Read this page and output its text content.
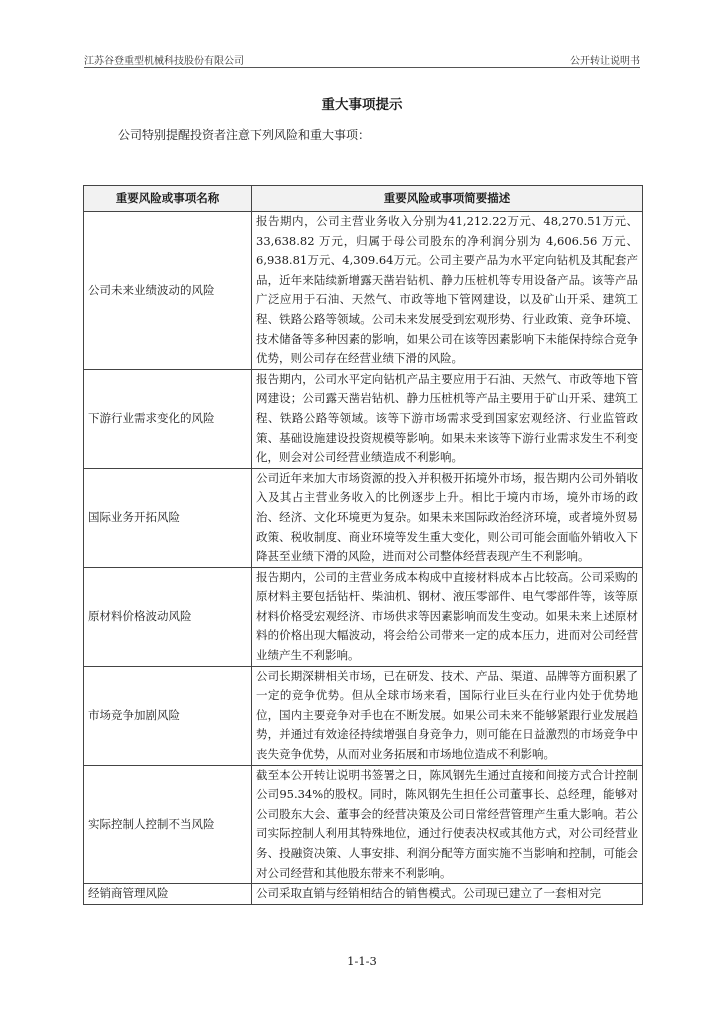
江苏谷登重型机械科技股份有限公司	公开转让说明书
重大事项提示
公司特别提醒投资者注意下列风险和重大事项：
重要风险或事项名称	重要风险或事项简要描述
公司未来业绩波动的风险	报告期内，公司主营业务收入分别为41,212.22万元、48,270.51万元、33,638.82 万元，归属于母公司股东的净利润分别为 4,606.56 万元、6,938.81万元、4,309.64万元。公司主要产品为水平定向钻机及其配套产品，近年来陆续新增露天凿岩钻机、静力压桩机等专用设备产品。该等产品广泛应用于石油、天然气、市政等地下管网建设，以及矿山开采、建筑工程、铁路公路等领域。公司未来发展受到宏观形势、行业政策、竞争环境、技术储备等多种因素的影响，如果公司在该等因素影响下未能保持综合竞争优势，则公司存在经营业绩下滑的风险。
下游行业需求变化的风险	报告期内，公司水平定向钻机产品主要应用于石油、天然气、市政等地下管网建设；公司露天凿岩钻机、静力压桩机等产品主要用于矿山开采、建筑工程、铁路公路等领域。该等下游市场需求受到国家宏观经济、行业监管政策、基础设施建设投资规模等影响。如果未来该等下游行业需求发生不利变化，则会对公司经营业绩造成不利影响。
国际业务开拓风险	公司近年来加大市场资源的投入并积极开拓境外市场，报告期内公司外销收入及其占主营业务收入的比例逐步上升。相比于境内市场，境外市场的政治、经济、文化环境更为复杂。如果未来国际政治经济环境，或者境外贸易政策、税收制度、商业环境等发生重大变化，则公司可能会面临外销收入下降甚至业绩下滑的风险，进而对公司整体经营表现产生不利影响。
原材料价格波动风险	报告期内，公司的主营业务成本构成中直接材料成本占比较高。公司采购的原材料主要包括钻杆、柴油机、钢材、液压零部件、电气零部件等，该等原材料价格受宏观经济、市场供求等因素影响而发生变动。如果未来上述原材料的价格出现大幅波动，将会给公司带来一定的成本压力，进而对公司经营业绩产生不利影响。
市场竞争加剧风险	公司长期深耕相关市场，已在研发、技术、产品、渠道、品牌等方面积累了一定的竞争优势。但从全球市场来看，国际行业巨头在行业内处于优势地位，国内主要竞争对手也在不断发展。如果公司未来不能够紧跟行业发展趋势，并通过有效途径持续增强自身竞争力，则可能在日益激烈的市场竞争中丧失竞争优势，从而对业务拓展和市场地位造成不利影响。
实际控制人控制不当风险	截至本公开转让说明书签署之日，陈风钢先生通过直接和间接方式合计控制公司95.34%的股权。同时，陈风钢先生担任公司董事长、总经理，能够对公司股东大会、董事会的经营决策及公司日常经营管理产生重大影响。若公司实际控制人利用其特殊地位，通过行使表决权或其他方式，对公司经营业务、投融资决策、人事安排、利润分配等方面实施不当影响和控制，可能会对公司经营和其他股东带来不利影响。
经销商管理风险	公司采取直销与经销相结合的销售模式。公司现已建立了一套相对完
1-1-3
